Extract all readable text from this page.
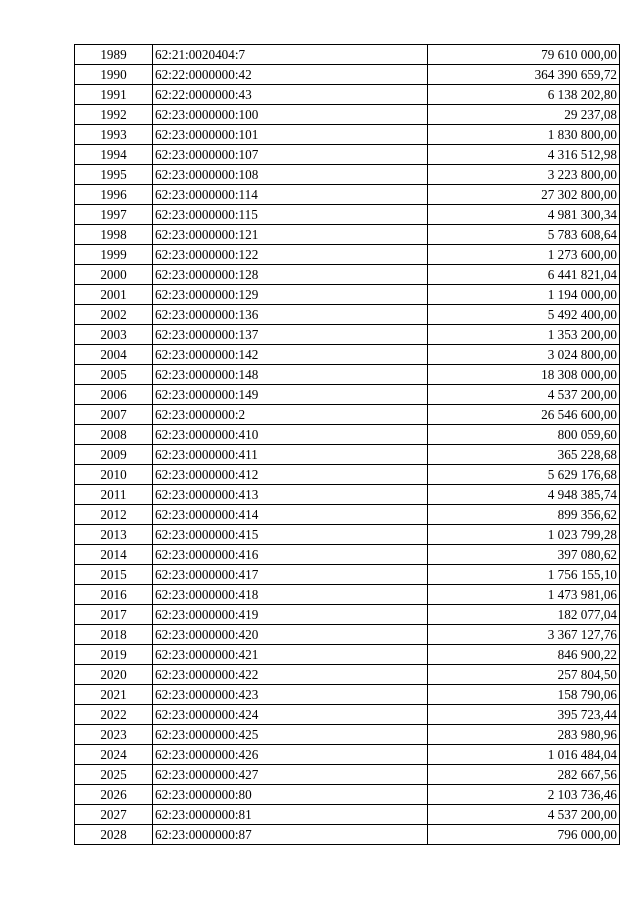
1989	62:21:0020404:7	79 610 000,00
1990	62:22:0000000:42	364 390 659,72
1991	62:22:0000000:43	6 138 202,80
1992	62:23:0000000:100	29 237,08
1993	62:23:0000000:101	1 830 800,00
1994	62:23:0000000:107	4 316 512,98
1995	62:23:0000000:108	3 223 800,00
1996	62:23:0000000:114	27 302 800,00
1997	62:23:0000000:115	4 981 300,34
1998	62:23:0000000:121	5 783 608,64
1999	62:23:0000000:122	1 273 600,00
2000	62:23:0000000:128	6 441 821,04
2001	62:23:0000000:129	1 194 000,00
2002	62:23:0000000:136	5 492 400,00
2003	62:23:0000000:137	1 353 200,00
2004	62:23:0000000:142	3 024 800,00
2005	62:23:0000000:148	18 308 000,00
2006	62:23:0000000:149	4 537 200,00
2007	62:23:0000000:2	26 546 600,00
2008	62:23:0000000:410	800 059,60
2009	62:23:0000000:411	365 228,68
2010	62:23:0000000:412	5 629 176,68
2011	62:23:0000000:413	4 948 385,74
2012	62:23:0000000:414	899 356,62
2013	62:23:0000000:415	1 023 799,28
2014	62:23:0000000:416	397 080,62
2015	62:23:0000000:417	1 756 155,10
2016	62:23:0000000:418	1 473 981,06
2017	62:23:0000000:419	182 077,04
2018	62:23:0000000:420	3 367 127,76
2019	62:23:0000000:421	846 900,22
2020	62:23:0000000:422	257 804,50
2021	62:23:0000000:423	158 790,06
2022	62:23:0000000:424	395 723,44
2023	62:23:0000000:425	283 980,96
2024	62:23:0000000:426	1 016 484,04
2025	62:23:0000000:427	282 667,56
2026	62:23:0000000:80	2 103 736,46
2027	62:23:0000000:81	4 537 200,00
2028	62:23:0000000:87	796 000,00
